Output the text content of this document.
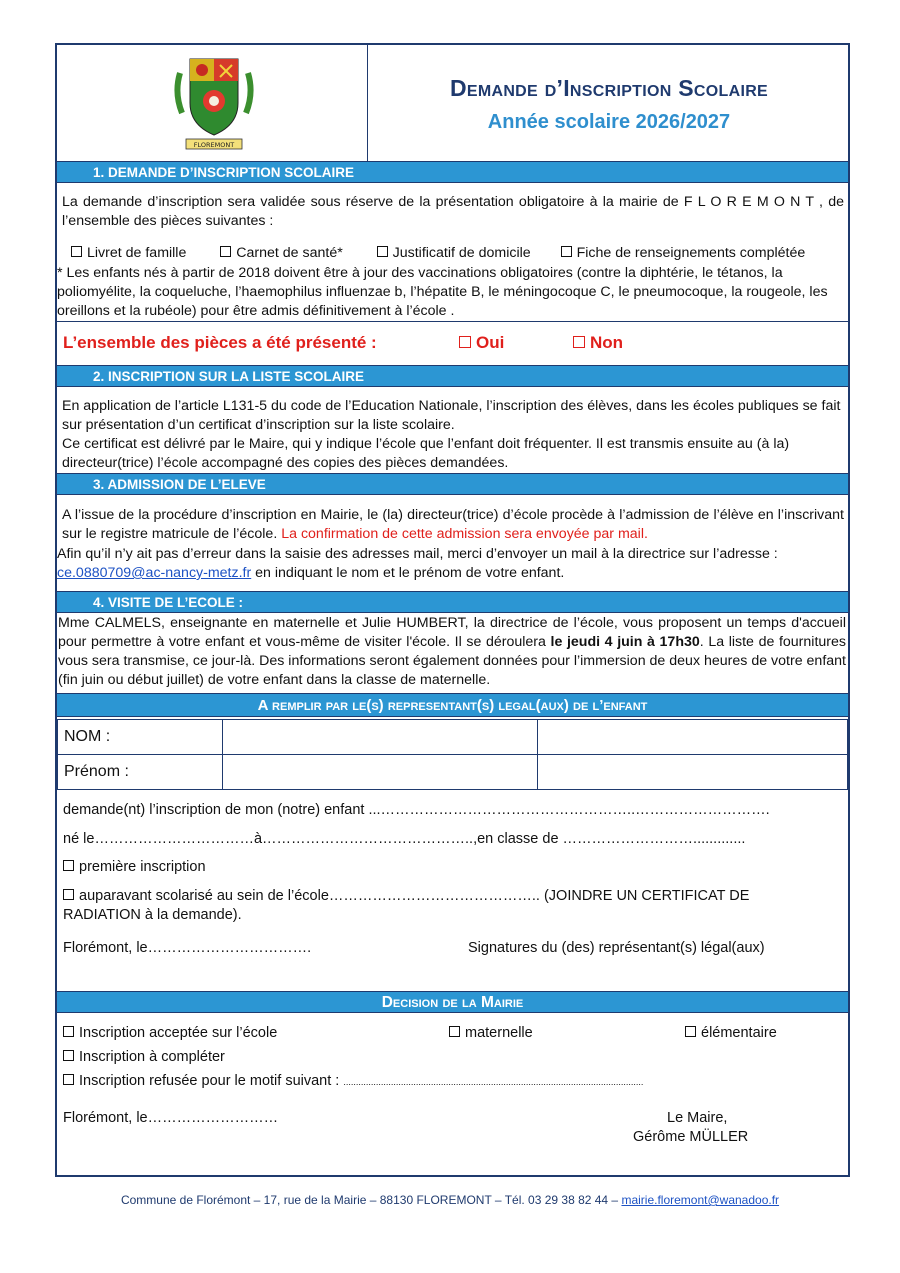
FLOREMONT
Demande d’Inscription Scolaire
Année scolaire 2026/2027
1. DEMANDE D’INSCRIPTION SCOLAIRE
La demande d’inscription sera validée sous réserve de la présentation obligatoire à la mairie de F L O R E M O N T , de l’ensemble des pièces suivantes :
Livret de famille	Carnet de santé*	Justificatif de domicile	Fiche de renseignements complétée
* Les enfants nés à partir de 2018 doivent être à jour des vaccinations obligatoires (contre la diphtérie, le tétanos, la poliomyélite, la coqueluche, l’haemophilus influenzae b, l’hépatite B, le méningocoque C, le pneumocoque, la rougeole, les oreillons et la rubéole) pour être admis définitivement à l’école .
L’ensemble des pièces a été présenté :	Oui	Non
2. INSCRIPTION SUR LA LISTE SCOLAIRE
En application de l’article L131-5 du code de l’Education Nationale, l’inscription des élèves, dans les écoles publiques se fait sur présentation d’un certificat d’inscription sur la liste scolaire.
Ce certificat est délivré par le Maire, qui y indique l’école que l’enfant doit fréquenter. Il est transmis ensuite au (à la) directeur(trice) l’école accompagné des copies des pièces demandées.
3. ADMISSION DE L’ELEVE
A l’issue de la procédure d’inscription en Mairie, le (la) directeur(trice) d’école procède à l’admission de l’élève en l’inscrivant sur le registre matricule de l’école. La confirmation de cette admission sera envoyée par mail.
Afin qu’il n’y ait pas d’erreur dans la saisie des adresses mail, merci d’envoyer un mail à la directrice sur l’adresse :
ce.0880709@ac-nancy-metz.fr en indiquant le nom et le prénom de votre enfant.
4. VISITE DE L’ECOLE :
Mme CALMELS, enseignante en maternelle et Julie HUMBERT, la directrice de l’école, vous proposent un temps d'accueil pour permettre à votre enfant et vous-même de visiter l'école. Il se déroulera le jeudi 4 juin à 17h30. La liste de fournitures vous sera transmise, ce jour-là. Des informations seront également données pour l’immersion de deux heures de votre enfant (fin juin ou début juillet) de votre enfant dans la classe de maternelle.
A remplir par le(s) representant(s) legal(aux) de l’enfant
NOM :		
Prénom :		
demande(nt) l’inscription de mon (notre) enfant ...……………………………………………..……………………….
né le……………………………à……………………………………..,en classe de ……………………….............
première inscription
auparavant scolarisé au sein de l’école…………………………………….. (JOINDRE UN CERTIFICAT DE
RADIATION à la demande).
Florémont, le…………………………….	Signatures du (des) représentant(s) légal(aux)
Decision de la Mairie
Inscription acceptée sur l’école	maternelle	élémentaire
Inscription à compléter
Inscription refusée pour le motif suivant : ........................................................................................................................
Florémont, le………………………	Le Maire,
Gérôme MÜLLER
Commune de Florémont – 17, rue de la Mairie – 88130 FLOREMONT – Tél. 03 29 38 82 44 – mairie.floremont@wanadoo.fr
